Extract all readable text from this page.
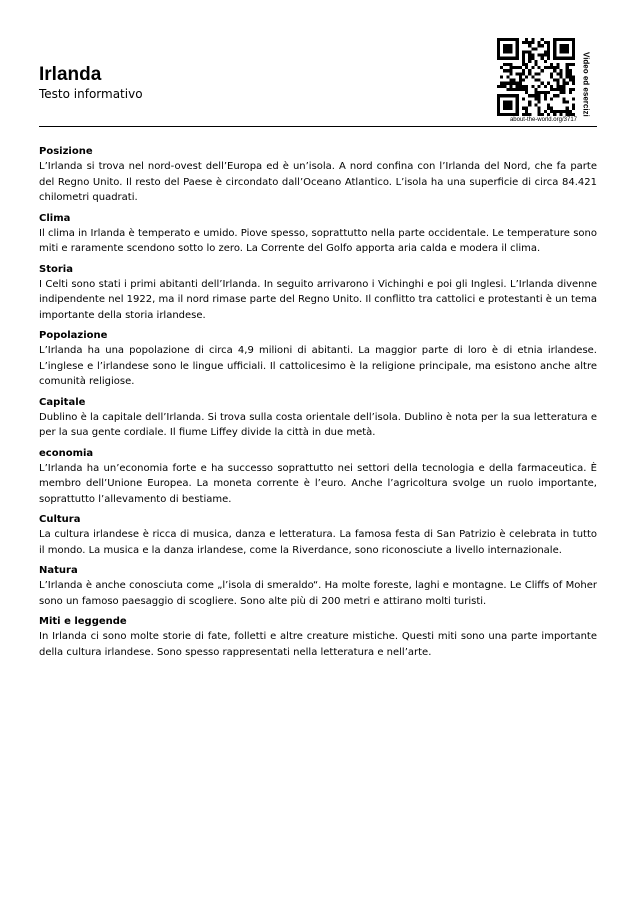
Irlanda
Testo informativo	Video ed esercizi
about-the-world.org/3717
Posizione

L’Irlanda si trova nel nord-ovest dell’Europa ed è un’isola. A nord confina con l’Irlanda del Nord, che fa parte del Regno Unito. Il resto del Paese è circondato dall’Oceano Atlantico. L’isola ha una superficie di circa 84.421 chilometri quadrati.

Clima

Il clima in Irlanda è temperato e umido. Piove spesso, soprattutto nella parte occidentale. Le temperature sono miti e raramente scendono sotto lo zero. La Corrente del Golfo apporta aria calda e modera il clima.

Storia

I Celti sono stati i primi abitanti dell’Irlanda. In seguito arrivarono i Vichinghi e poi gli Inglesi. L’Irlanda divenne indipendente nel 1922, ma il nord rimase parte del Regno Unito. Il conflitto tra cattolici e protestanti è un tema importante della storia irlandese.

Popolazione

L’Irlanda ha una popolazione di circa 4,9 milioni di abitanti. La maggior parte di loro è di etnia irlandese. L’inglese e l’irlandese sono le lingue ufficiali. Il cattolicesimo è la religione principale, ma esistono anche altre comunità religiose.

Capitale

Dublino è la capitale dell’Irlanda. Si trova sulla costa orientale dell’isola. Dublino è nota per la sua letteratura e per la sua gente cordiale. Il fiume Liffey divide la città in due metà.

economia

L’Irlanda ha un’economia forte e ha successo soprattutto nei settori della tecnologia e della farmaceutica. È membro dell’Unione Europea. La moneta corrente è l’euro. Anche l’agricoltura svolge un ruolo importante, soprattutto l’allevamento di bestiame.

Cultura

La cultura irlandese è ricca di musica, danza e letteratura. La famosa festa di San Patrizio è celebrata in tutto il mondo. La musica e la danza irlandese, come la Riverdance, sono riconosciute a livello internazionale.

Natura

L’Irlanda è anche conosciuta come „l’isola di smeraldo“. Ha molte foreste, laghi e montagne. Le Cliffs of Moher sono un famoso paesaggio di scogliere. Sono alte più di 200 metri e attirano molti turisti.

Miti e leggende

In Irlanda ci sono molte storie di fate, folletti e altre creature mistiche. Questi miti sono una parte importante della cultura irlandese. Sono spesso rappresentati nella letteratura e nell’arte.
